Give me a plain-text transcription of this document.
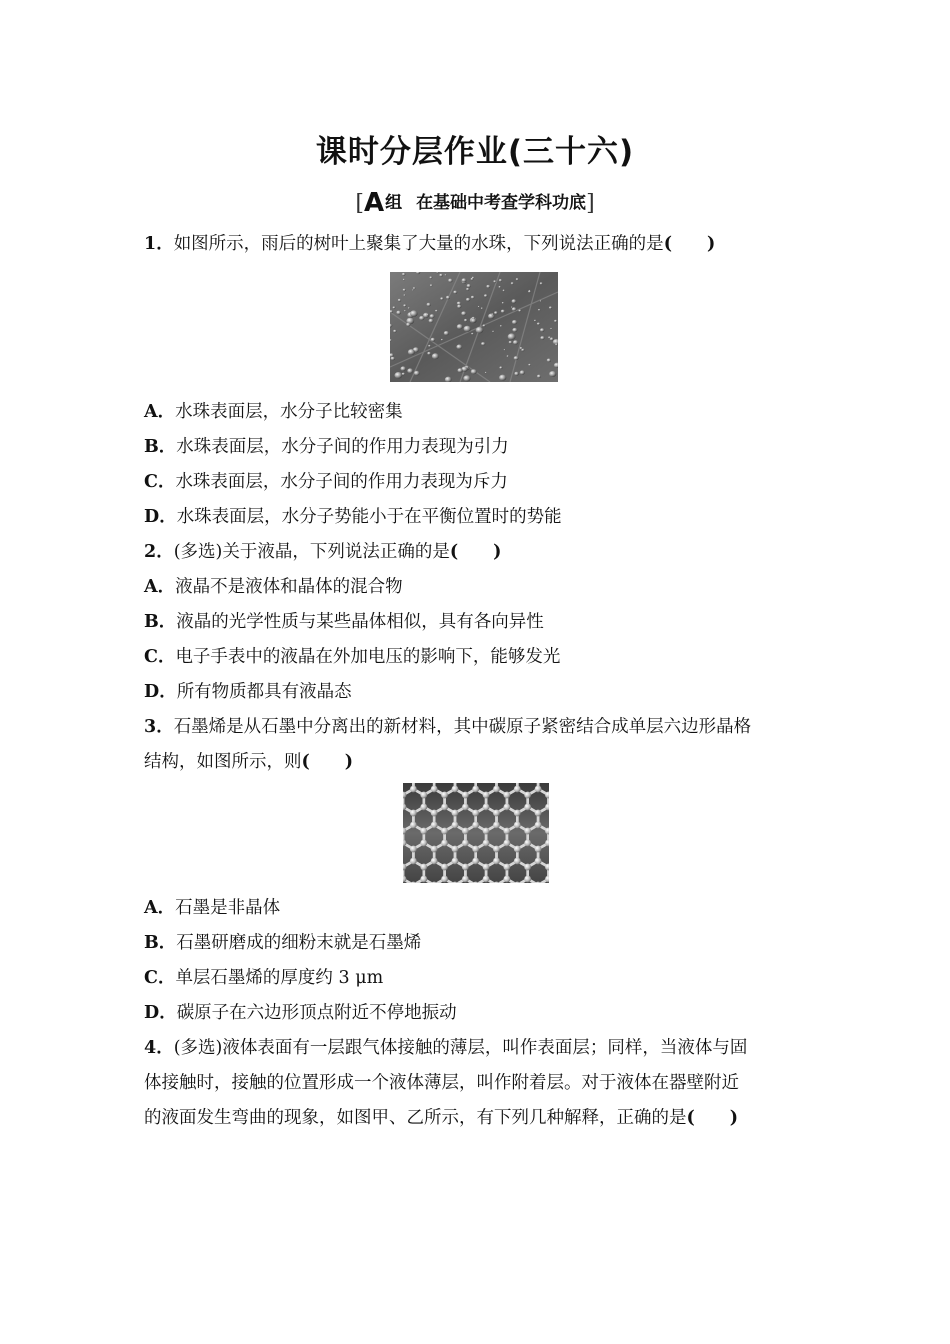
课时分层作业(三十六)
[A组 在基础中考查学科功底]
1．如图所示，雨后的树叶上聚集了大量的水珠，下列说法正确的是(　　)
A．水珠表面层，水分子比较密集
B．水珠表面层，水分子间的作用力表现为引力
C．水珠表面层，水分子间的作用力表现为斥力
D．水珠表面层，水分子势能小于在平衡位置时的势能
2．(多选)关于液晶，下列说法正确的是(　　)
A．液晶不是液体和晶体的混合物
B．液晶的光学性质与某些晶体相似，具有各向异性
C．电子手表中的液晶在外加电压的影响下，能够发光
D．所有物质都具有液晶态
3．石墨烯是从石墨中分离出的新材料，其中碳原子紧密结合成单层六边形晶格
结构，如图所示，则(　　)
A．石墨是非晶体
B．石墨研磨成的细粉末就是石墨烯
C．单层石墨烯的厚度约 3 μm
D．碳原子在六边形顶点附近不停地振动
4．(多选)液体表面有一层跟气体接触的薄层，叫作表面层；同样，当液体与固
体接触时，接触的位置形成一个液体薄层，叫作附着层。对于液体在器壁附近
的液面发生弯曲的现象，如图甲、乙所示，有下列几种解释，正确的是(　　)
